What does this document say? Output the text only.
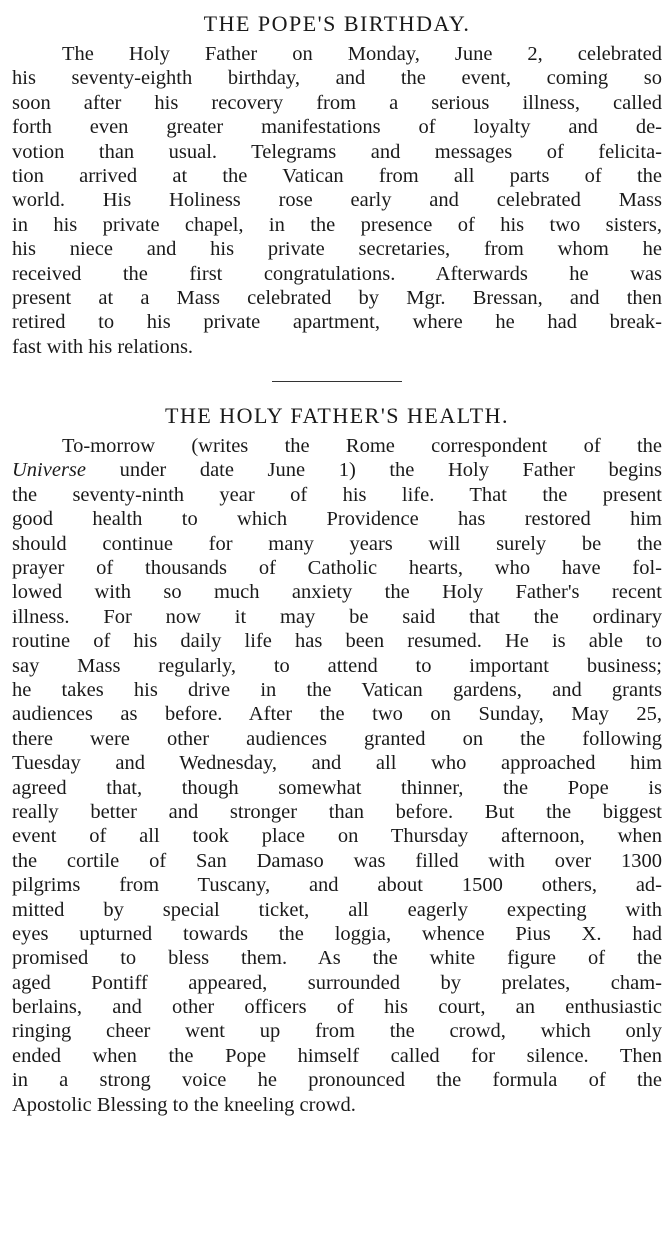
THE POPE'S BIRTHDAY.
The Holy Father on Monday, June 2, celebrated
his seventy-eighth birthday, and the event, coming so
soon after his recovery from a serious illness, called
forth even greater manifestations of loyalty and de-
votion than usual. Telegrams and messages of felicita-
tion arrived at the Vatican from all parts of the
world. His Holiness rose early and celebrated Mass
in his private chapel, in the presence of his two sisters,
his niece and his private secretaries, from whom he
received the first congratulations. Afterwards he was
present at a Mass celebrated by Mgr. Bressan, and then
retired to his private apartment, where he had break-
fast with his relations.
THE HOLY FATHER'S HEALTH.
To-morrow (writes the Rome correspondent of the
Universe under date June 1) the Holy Father begins
the seventy-ninth year of his life. That the present
good health to which Providence has restored him
should continue for many years will surely be the
prayer of thousands of Catholic hearts, who have fol-
lowed with so much anxiety the Holy Father's recent
illness. For now it may be said that the ordinary
routine of his daily life has been resumed. He is able to
say Mass regularly, to attend to important business;
he takes his drive in the Vatican gardens, and grants
audiences as before. After the two on Sunday, May 25,
there were other audiences granted on the following
Tuesday and Wednesday, and all who approached him
agreed that, though somewhat thinner, the Pope is
really better and stronger than before. But the biggest
event of all took place on Thursday afternoon, when
the cortile of San Damaso was filled with over 1300
pilgrims from Tuscany, and about 1500 others, ad-
mitted by special ticket, all eagerly expecting with
eyes upturned towards the loggia, whence Pius X. had
promised to bless them. As the white figure of the
aged Pontiff appeared, surrounded by prelates, cham-
berlains, and other officers of his court, an enthusiastic
ringing cheer went up from the crowd, which only
ended when the Pope himself called for silence. Then
in a strong voice he pronounced the formula of the
Apostolic Blessing to the kneeling crowd.
